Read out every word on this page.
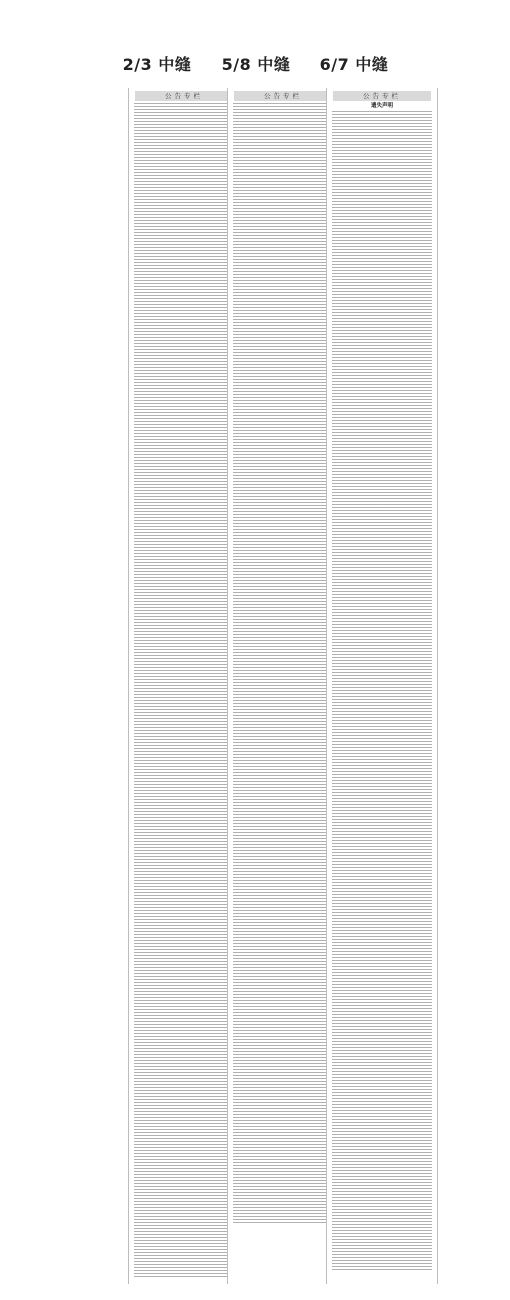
2/3 中缝	5/8 中缝	6/7 中缝
公告专栏	公告专栏	公告专栏
遗失声明
